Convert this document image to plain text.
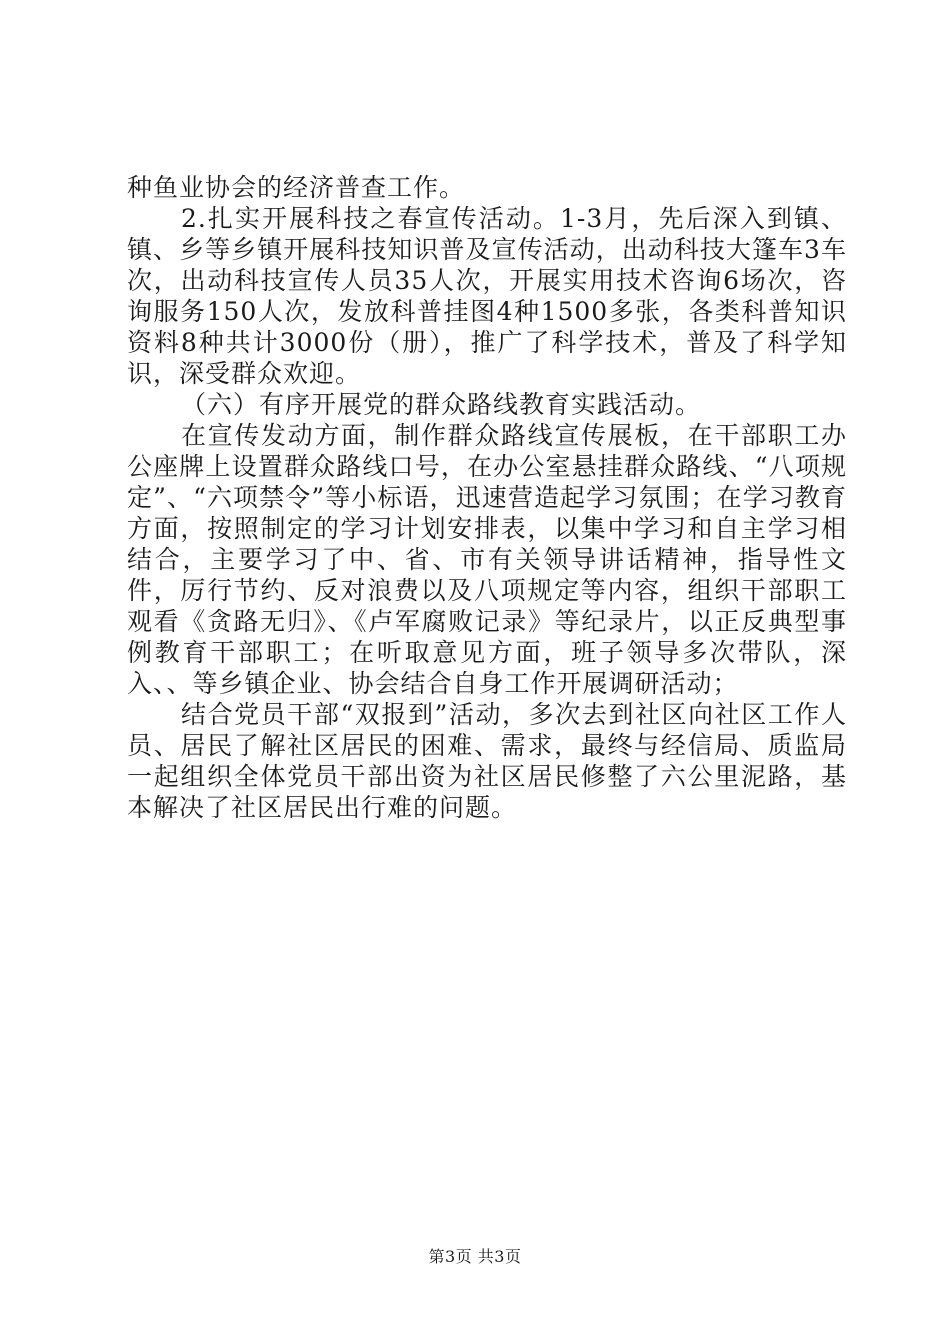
种鱼业协会的经济普查工作。

2.扎实开展科技之春宣传活动。1-3月，先后深入到镇、镇、乡等乡镇开展科技知识普及宣传活动，出动科技大篷车3车次，出动科技宣传人员35人次，开展实用技术咨询6场次，咨询服务150人次，发放科普挂图4种1500多张，各类科普知识资料8种共计3000份（册），推广了科学技术，普及了科学知识，深受群众欢迎。

（六）有序开展党的群众路线教育实践活动。

在宣传发动方面，制作群众路线宣传展板，在干部职工办公座牌上设置群众路线口号，在办公室悬挂群众路线、“八项规定”、“六项禁令”等小标语，迅速营造起学习氛围；在学习教育方面，按照制定的学习计划安排表，以集中学习和自主学习相结合，主要学习了中、省、市有关领导讲话精神，指导性文件，厉行节约、反对浪费以及八项规定等内容，组织干部职工观看《贪路无归》、《卢军腐败记录》等纪录片，以正反典型事例教育干部职工；在听取意见方面，班子领导多次带队，深入、、等乡镇企业、协会结合自身工作开展调研活动；

结合党员干部“双报到”活动，多次去到社区向社区工作人员、居民了解社区居民的困难、需求，最终与经信局、质监局一起组织全体党员干部出资为社区居民修整了六公里泥路，基本解决了社区居民出行难的问题。

第3页 共3页
